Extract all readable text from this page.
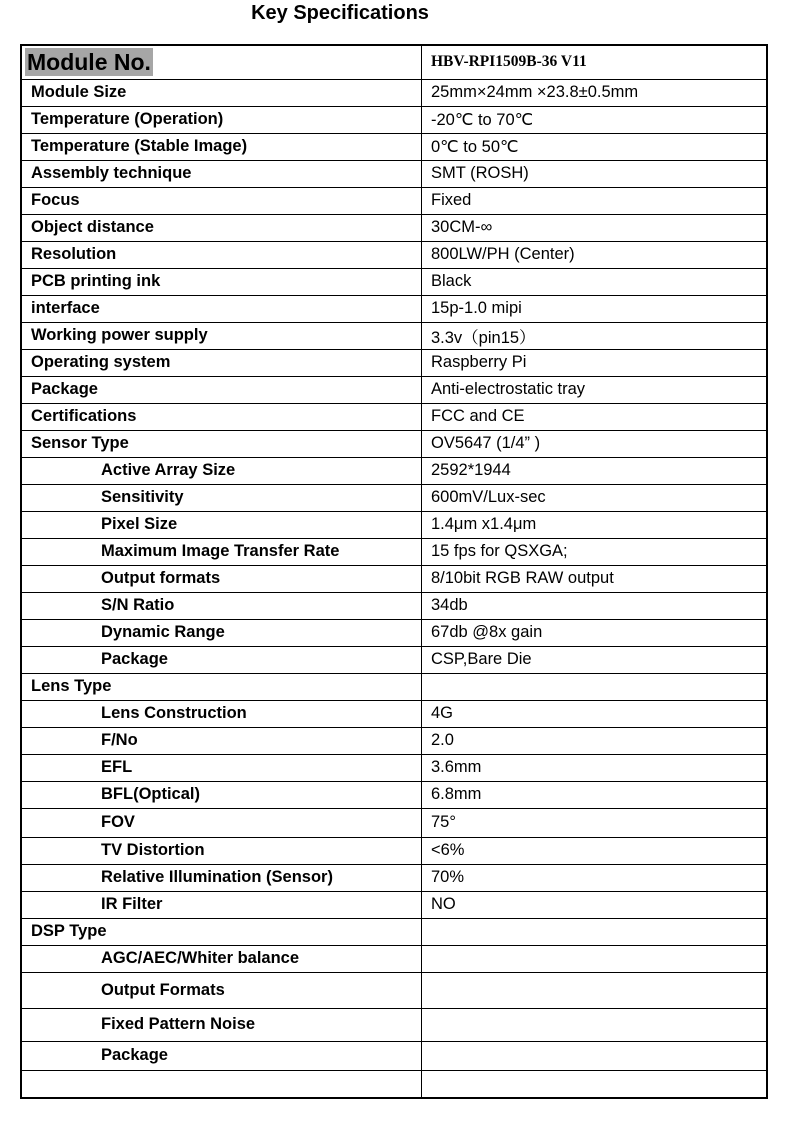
Key Specifications
Module No.	HBV-RPI1509B-36 V11
Module Size	25mm×24mm ×23.8±0.5mm
Temperature (Operation)	-20℃ to 70℃
Temperature (Stable Image)	0℃ to 50℃
Assembly technique	SMT (ROSH)
Focus	Fixed
Object distance	30CM-∞
Resolution	800LW/PH (Center)
PCB printing ink	Black
interface	15p-1.0 mipi
Working power supply	3.3v（pin15）
Operating system	Raspberry Pi
Package	Anti-electrostatic tray
Certifications	FCC and CE
Sensor Type	OV5647 (1/4” )
Active Array Size	2592*1944
Sensitivity	600mV/Lux-sec
Pixel Size	1.4μm x1.4μm
Maximum Image Transfer Rate	15 fps for QSXGA;
Output formats	8/10bit RGB RAW output
S/N Ratio	34db
Dynamic Range	67db @8x gain
Package	CSP,Bare Die
Lens Type	
Lens Construction	4G
F/No	2.0
EFL	3.6mm
BFL(Optical)	6.8mm
FOV	75°
TV Distortion	<6%
Relative Illumination (Sensor)	70%
IR Filter	NO
DSP Type	
AGC/AEC/Whiter balance	
Output Formats	
Fixed Pattern Noise	
Package	
